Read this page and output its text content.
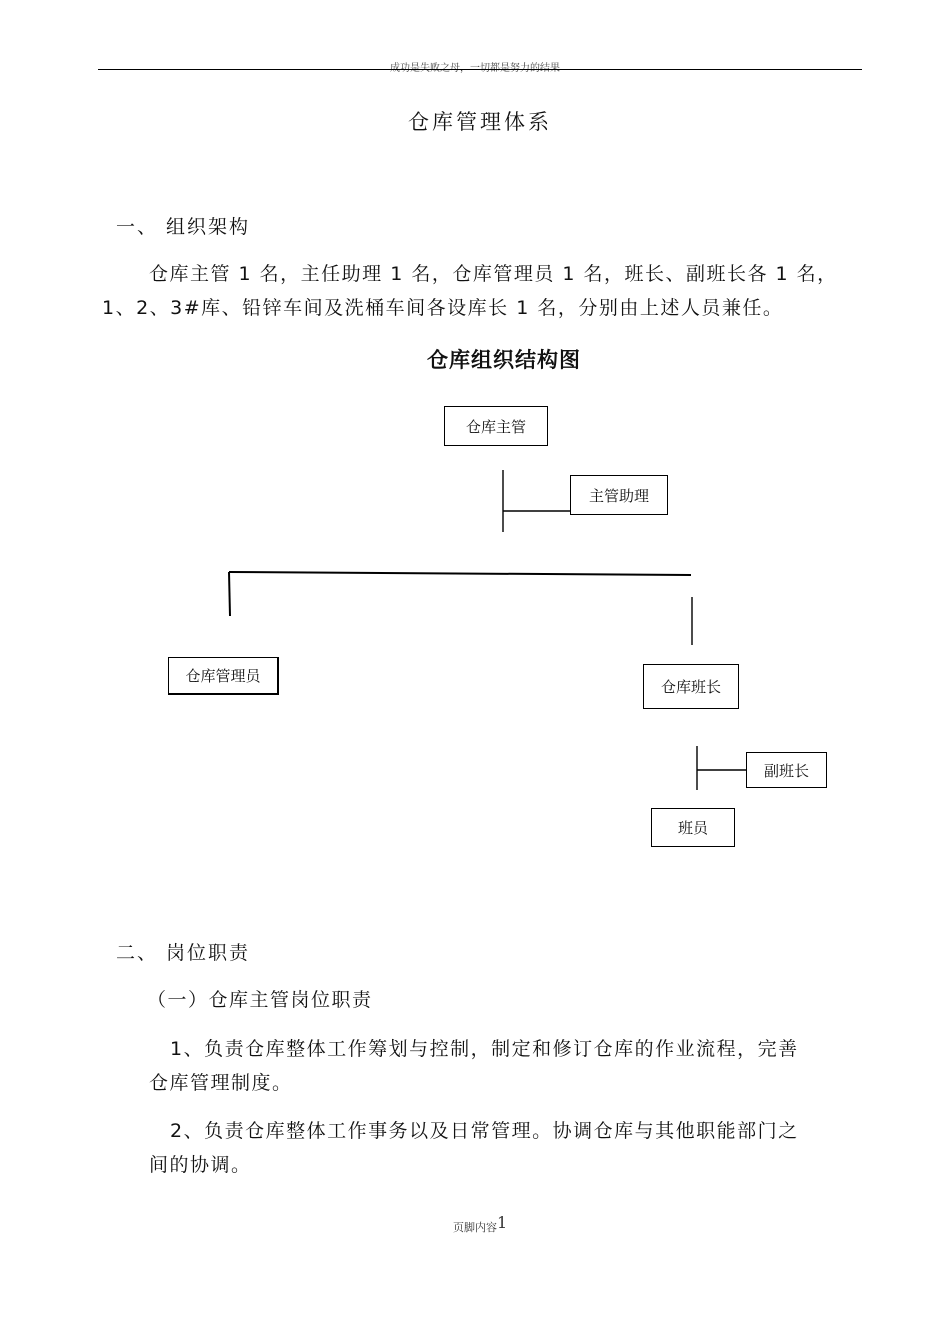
成功是失败之母，一切都是努力的结果
仓库管理体系
一、 组织架构
仓库主管 1 名，主任助理 1 名，仓库管理员 1 名，班长、副班长各 1 名，
1、2、3#库、铅锌车间及洗桶车间各设库长 1 名，分别由上述人员兼任。
仓库组织结构图
仓库主管
主管助理
仓库管理员
仓库班长
副班长
班员
二、 岗位职责
（一）仓库主管岗位职责
1、负责仓库整体工作筹划与控制，制定和修订仓库的作业流程，完善
仓库管理制度。
2、负责仓库整体工作事务以及日常管理。协调仓库与其他职能部门之
间的协调。
页脚内容1
